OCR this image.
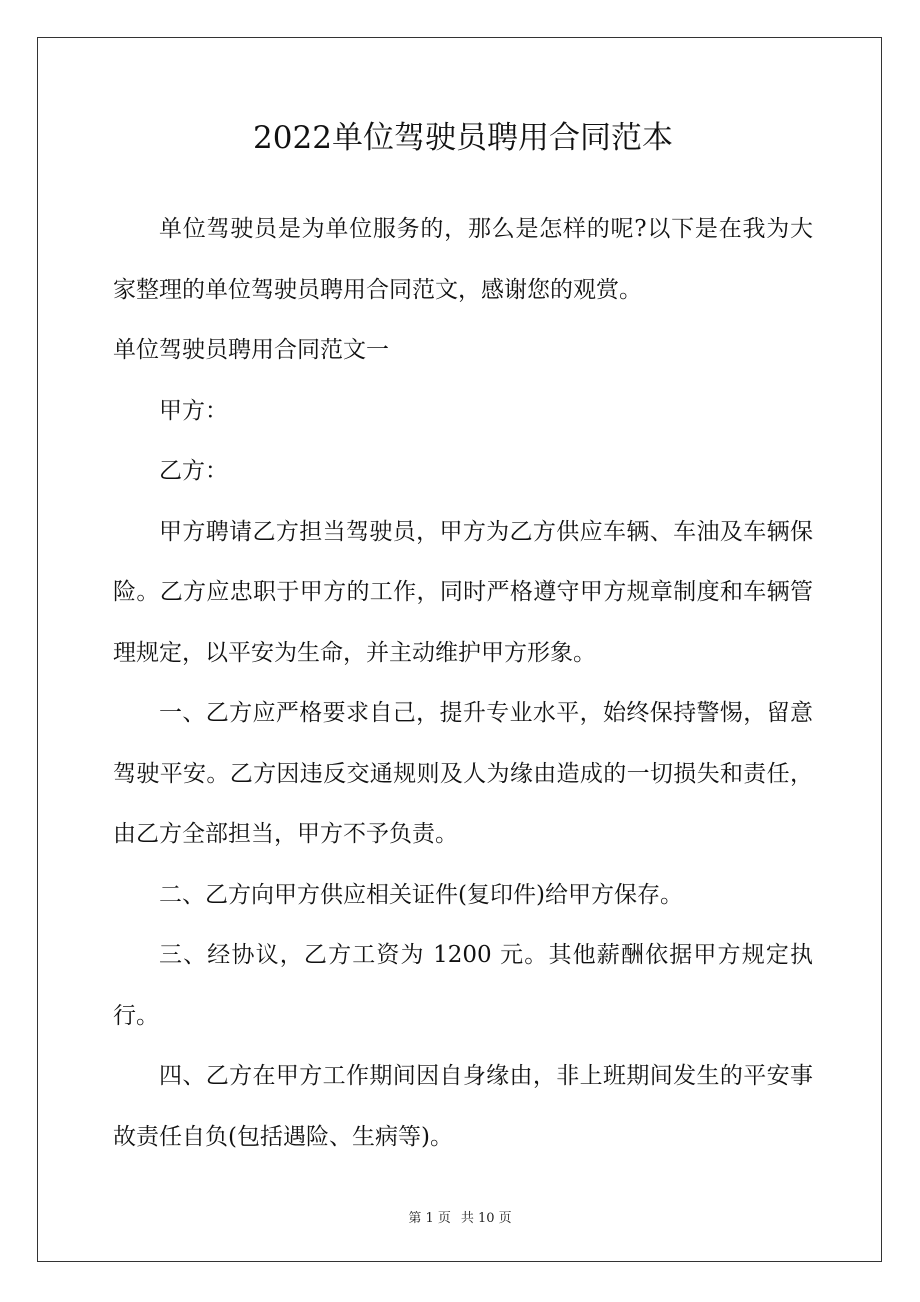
2022单位驾驶员聘用合同范本

单位驾驶员是为单位服务的，那么是怎样的呢?以下是在我为大家整理的单位驾驶员聘用合同范文，感谢您的观赏。

单位驾驶员聘用合同范文一

甲方：

乙方：

甲方聘请乙方担当驾驶员，甲方为乙方供应车辆、车油及车辆保险。乙方应忠职于甲方的工作，同时严格遵守甲方规章制度和车辆管理规定，以平安为生命，并主动维护甲方形象。

一、乙方应严格要求自己，提升专业水平，始终保持警惕，留意驾驶平安。乙方因违反交通规则及人为缘由造成的一切损失和责任，由乙方全部担当，甲方不予负责。

二、乙方向甲方供应相关证件(复印件)给甲方保存。

三、经协议，乙方工资为 1200 元。其他薪酬依据甲方规定执行。

四、乙方在甲方工作期间因自身缘由，非上班期间发生的平安事故责任自负(包括遇险、生病等)。

第 1 页 共 10 页
